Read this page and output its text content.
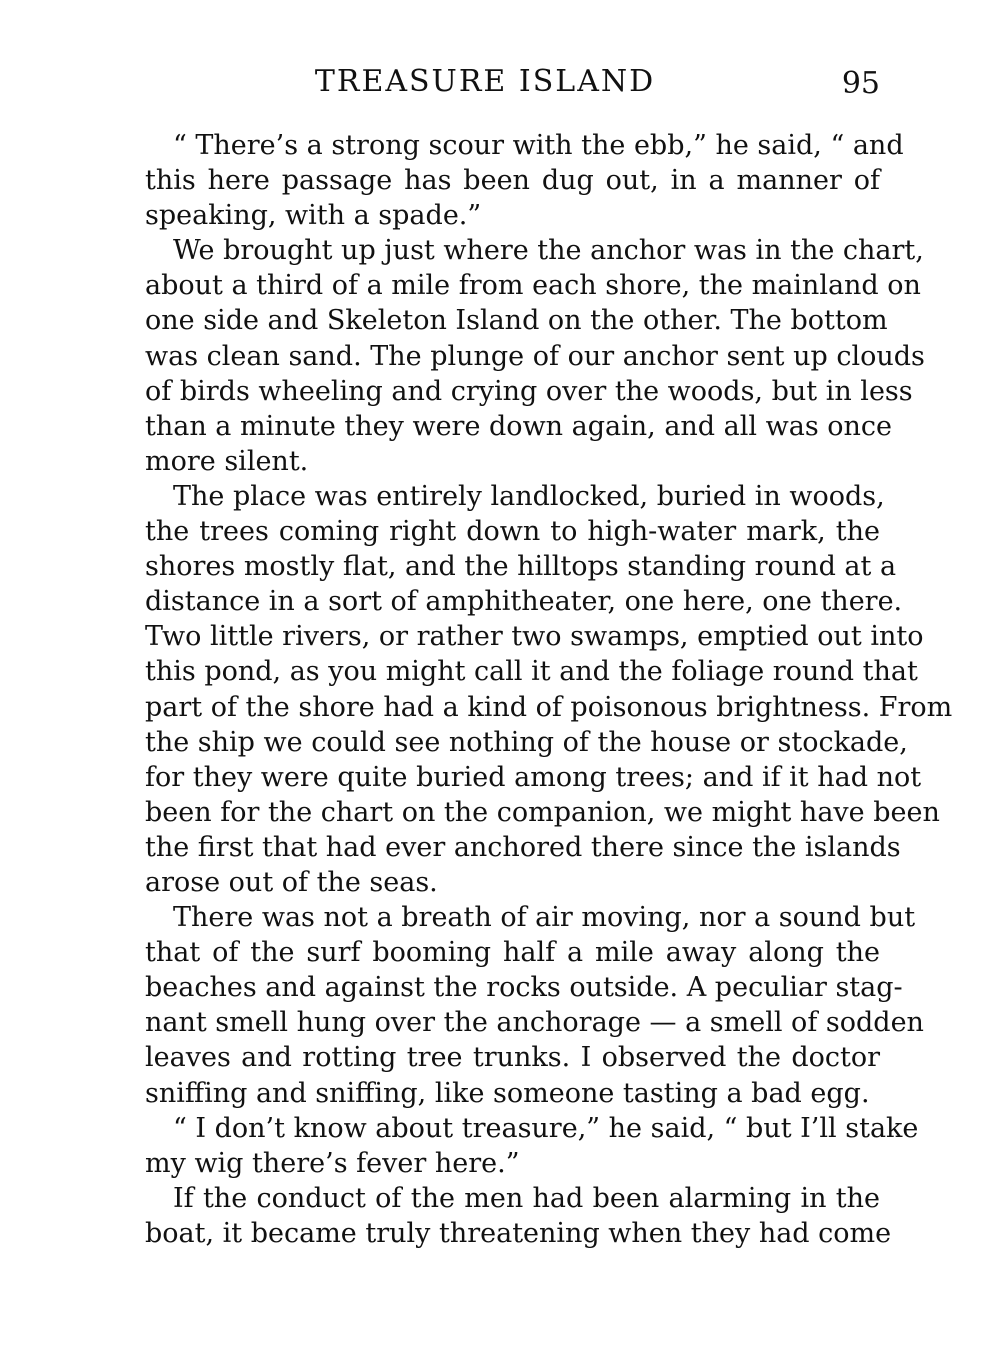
TREASURE ISLAND	95

“ There’s a strong scour with the ebb,” he said, “ and
this here passage has been dug out, in a manner of
speaking, with a spade.”

We brought up just where the anchor was in the chart,
about a third of a mile from each shore, the mainland on
one side and Skeleton Island on the other. The bottom
was clean sand. The plunge of our anchor sent up clouds
of birds wheeling and crying over the woods, but in less
than a minute they were down again, and all was once
more silent.

The place was entirely landlocked, buried in woods,
the trees coming right down to high-water mark, the
shores mostly flat, and the hilltops standing round at a
distance in a sort of amphitheater, one here, one there.
Two little rivers, or rather two swamps, emptied out into
this pond, as you might call it and the foliage round that
part of the shore had a kind of poisonous brightness. From
the ship we could see nothing of the house or stockade,
for they were quite buried among trees; and if it had not
been for the chart on the companion, we might have been
the first that had ever anchored there since the islands
arose out of the seas.

There was not a breath of air moving, nor a sound but
that of the surf booming half a mile away along the
beaches and against the rocks outside. A peculiar stag-
nant smell hung over the anchorage — a smell of sodden
leaves and rotting tree trunks. I observed the doctor
sniffing and sniffing, like someone tasting a bad egg.

“ I don’t know about treasure,” he said, “ but I’ll stake
my wig there’s fever here.”

If the conduct of the men had been alarming in the
boat, it became truly threatening when they had come
